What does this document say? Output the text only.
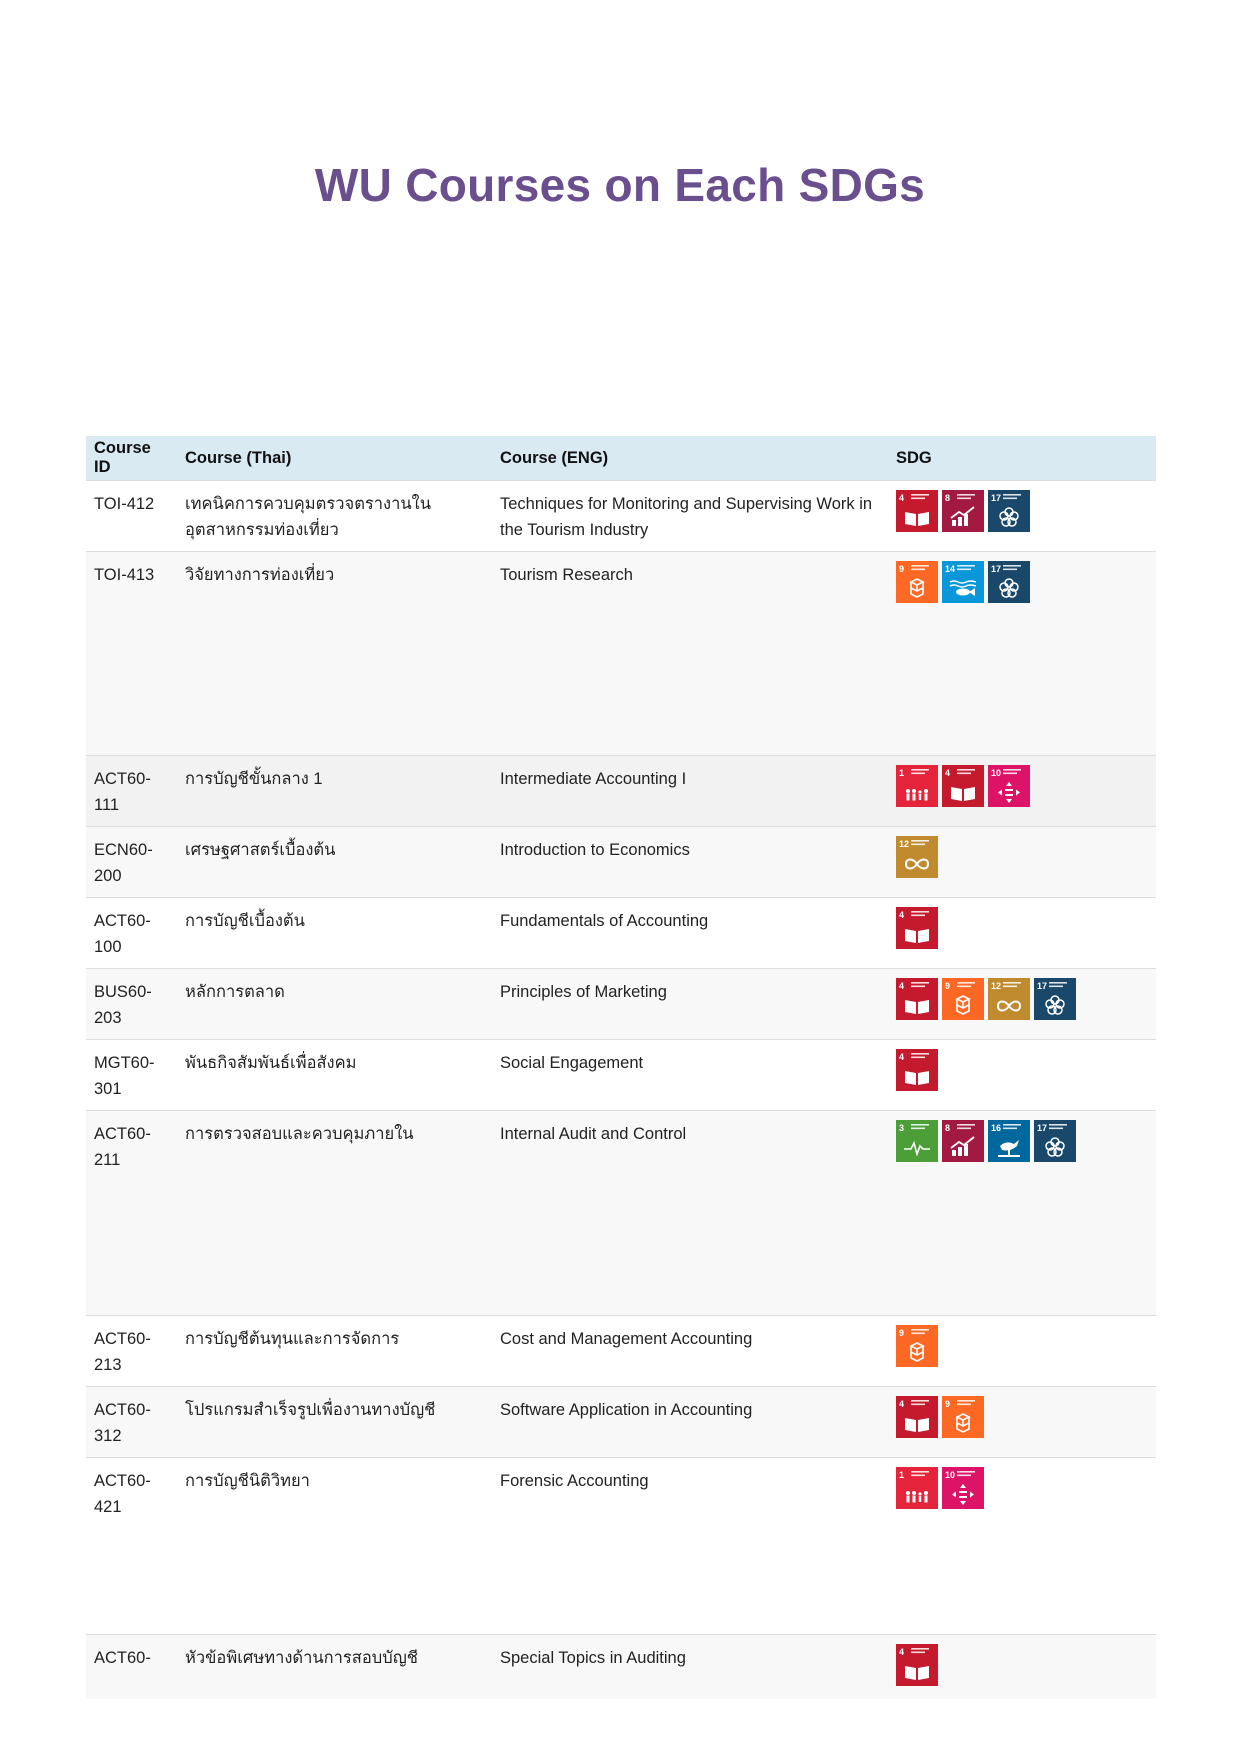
WU Courses on Each SDGs
Course ID	Course (Thai)	Course (ENG)	SDG
TOI-412	เทคนิคการควบคุมตรวจตรางานในอุตสาหกรรมท่องเที่ยว	Techniques for Monitoring and Supervising Work in the Tourism Industry	4 8 17

TOI-413	วิจัยทางการท่องเที่ยว	Tourism Research	9 14 17

ACT60-111	การบัญชีขั้นกลาง 1	Intermediate Accounting I	1 4 10

ECN60-200	เศรษฐศาสตร์เบื้องต้น	Introduction to Economics	12

ACT60-100	การบัญชีเบื้องต้น	Fundamentals of Accounting	4

BUS60-203	หลักการตลาด	Principles of Marketing	4 9 12 17

MGT60-301	พันธกิจสัมพันธ์เพื่อสังคม	Social Engagement	4

ACT60-211	การตรวจสอบและควบคุมภายใน	Internal Audit and Control	3 8 16 17

ACT60-213	การบัญชีต้นทุนและการจัดการ	Cost and Management Accounting	9

ACT60-312	โปรแกรมสำเร็จรูปเพื่องานทางบัญชี	Software Application in Accounting	4 9

ACT60-421	การบัญชีนิติวิทยา	Forensic Accounting	1 10

ACT60-	หัวข้อพิเศษทางด้านการสอบบัญชี	Special Topics in Auditing	4
